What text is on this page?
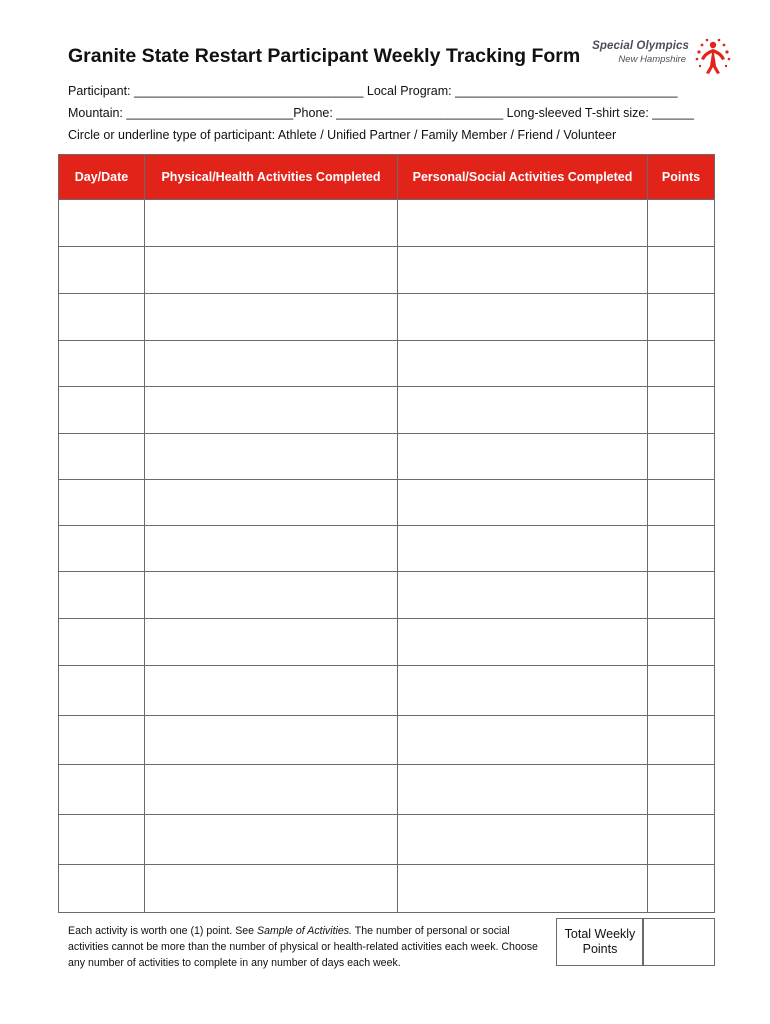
Granite State Restart Participant Weekly Tracking Form	Special Olympics
New Hampshire
Participant: _________________________________ Local Program: ________________________________
Mountain: ________________________Phone: ________________________ Long-sleeved T-shirt size: ______
Circle or underline type of participant: Athlete / Unified Partner / Family Member / Friend / Volunteer
Day/Date	Physical/Health Activities Completed	Personal/Social Activities Completed	Points

Each activity is worth one (1) point. See Sample of Activities. The number of personal or social activities cannot be more than the number of physical or health-related activities each week. Choose any number of activities to complete in any number of days each week.
Total Weekly
Points
